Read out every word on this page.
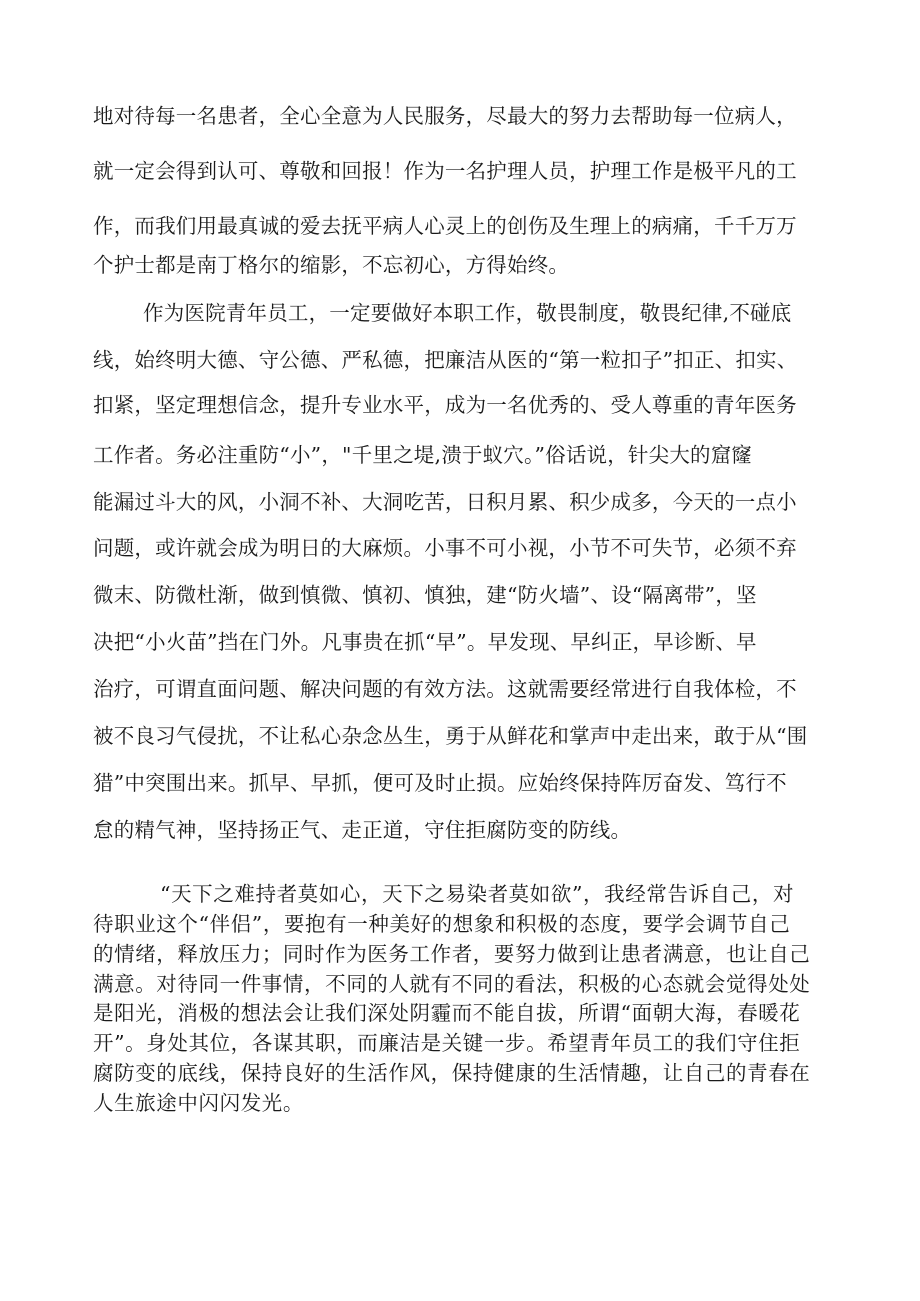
地对待每一名患者，全心全意为人民服务，尽最大的努力去帮助每一位病人，
就一定会得到认可、尊敬和回报！作为一名护理人员，护理工作是极平凡的工
作，而我们用最真诚的爱去抚平病人心灵上的创伤及生理上的病痛，千千万万
个护士都是南丁格尔的缩影，不忘初心，方得始终。
作为医院青年员工，一定要做好本职工作，敬畏制度，敬畏纪律,不碰底
线，始终明大德、守公德、严私德，把廉洁从医的“第一粒扣子”扣正、扣实、
扣紧，坚定理想信念，提升专业水平，成为一名优秀的、受人尊重的青年医务
工作者。务必注重防“小”，"千里之堤,溃于蚁穴。”俗话说，针尖大的窟窿
能漏过斗大的风，小洞不补、大洞吃苦，日积月累、积少成多，今天的一点小
问题，或许就会成为明日的大麻烦。小事不可小视，小节不可失节，必须不弃
微末、防微杜渐，做到慎微、慎初、慎独，建“防火墙”、设“隔离带”，坚
决把“小火苗”挡在门外。凡事贵在抓“早”。早发现、早纠正，早诊断、早
治疗，可谓直面问题、解决问题的有效方法。这就需要经常进行自我体检，不
被不良习气侵扰，不让私心杂念丛生，勇于从鲜花和掌声中走出来，敢于从“围
猎”中突围出来。抓早、早抓，便可及时止损。应始终保持阵厉奋发、笃行不
怠的精气神，坚持扬正气、走正道，守住拒腐防变的防线。
“天下之难持者莫如心，天下之易染者莫如欲”，我经常告诉自己，对
待职业这个“伴侣”，要抱有一种美好的想象和积极的态度，要学会调节自己
的情绪，释放压力；同时作为医务工作者，要努力做到让患者满意，也让自己
满意。对待同一件事情，不同的人就有不同的看法，积极的心态就会觉得处处
是阳光，消极的想法会让我们深处阴霾而不能自拔，所谓“面朝大海，春暖花
开”。身处其位，各谋其职，而廉洁是关键一步。希望青年员工的我们守住拒
腐防变的底线，保持良好的生活作风，保持健康的生活情趣，让自己的青春在
人生旅途中闪闪发光。
